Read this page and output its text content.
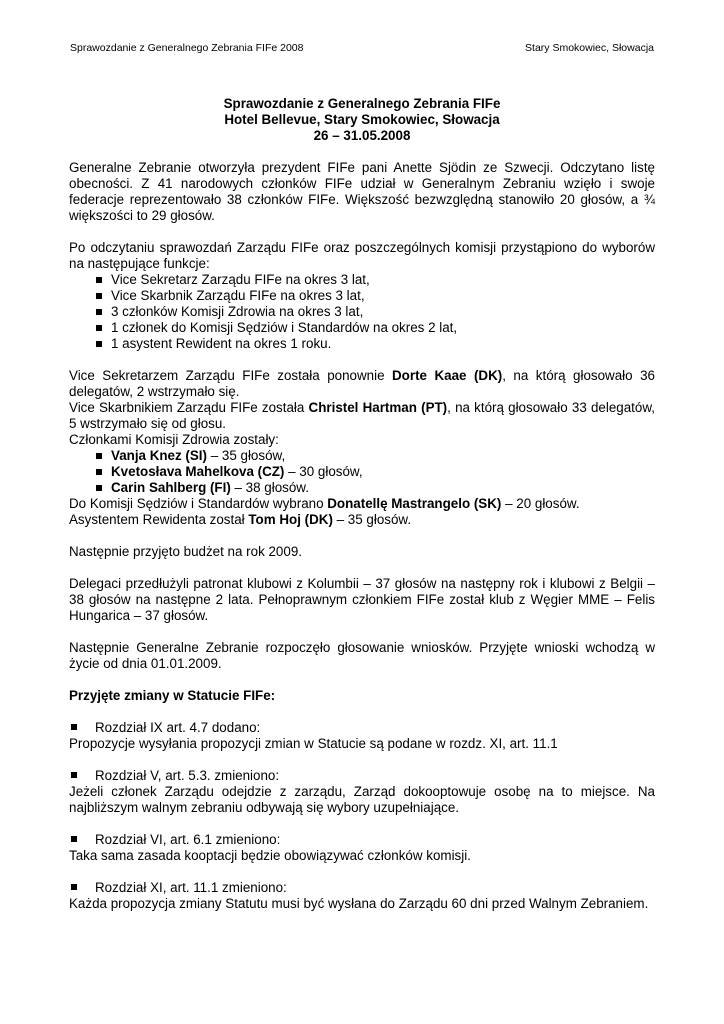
Sprawozdanie z Generalnego Zebrania FIFe 2008	Stary Smokowiec, Słowacja
Sprawozdanie z Generalnego Zebrania FIFe
Hotel Bellevue, Stary Smokowiec, Słowacja
26 – 31.05.2008

Generalne Zebranie otworzyła prezydent FIFe pani Anette Sjödin ze Szwecji. Odczytano listę obecności. Z 41 narodowych członków FIFe udział w Generalnym Zebraniu wzięło i swoje federacje reprezentowało 38 członków FIFe. Większość bezwzględną stanowiło 20 głosów, a ¾ większości to 29 głosów.

Po odczytaniu sprawozdań Zarządu FIFe oraz poszczególnych komisji przystąpiono do wyborów na następujące funkcje:

Vice Sekretarz Zarządu FIFe na okres 3 lat,
Vice Skarbnik Zarządu FIFe na okres 3 lat,
3 członków Komisji Zdrowia na okres 3 lat,
1 członek do Komisji Sędziów i Standardów na okres 2 lat,
1 asystent Rewident na okres 1 roku.

Vice Sekretarzem Zarządu FIFe została ponownie Dorte Kaae (DK), na którą głosowało 36 delegatów, 2 wstrzymało się.

Vice Skarbnikiem Zarządu FIFe została Christel Hartman (PT), na którą głosowało 33 delegatów, 5 wstrzymało się od głosu.

Członkami Komisji Zdrowia zostały:

Vanja Knez (SI) – 35 głosów,
Kvetosłava Mahelkova (CZ) – 30 głosów,
Carin Sahlberg (FI) – 38 głosów.

Do Komisji Sędziów i Standardów wybrano Donatellę Mastrangelo (SK) – 20 głosów.

Asystentem Rewidenta został Tom Hoj (DK) – 35 głosów.

Następnie przyjęto budżet na rok 2009.

Delegaci przedłużyli patronat klubowi z Kolumbii – 37 głosów na następny rok i klubowi z Belgii – 38 głosów na następne 2 lata. Pełnoprawnym członkiem FIFe został klub z Węgier MME – Felis Hungarica – 37 głosów.

Następnie Generalne Zebranie rozpoczęło głosowanie wniosków. Przyjęte wnioski wchodzą w życie od dnia 01.01.2009.

Przyjęte zmiany w Statucie FIFe:

Rozdział IX art. 4.7 dodano:

Propozycje wysyłania propozycji zmian w Statucie są podane w rozdz. XI, art. 11.1

Rozdział V, art. 5.3. zmieniono:

Jeżeli członek Zarządu odejdzie z zarządu, Zarząd dokooptowuje osobę na to miejsce. Na najbliższym walnym zebraniu odbywają się wybory uzupełniające.

Rozdział VI, art. 6.1 zmieniono:

Taka sama zasada kooptacji będzie obowiązywać członków komisji.

Rozdział XI, art. 11.1 zmieniono:

Każda propozycja zmiany Statutu musi być wysłana do Zarządu 60 dni przed Walnym Zebraniem.
